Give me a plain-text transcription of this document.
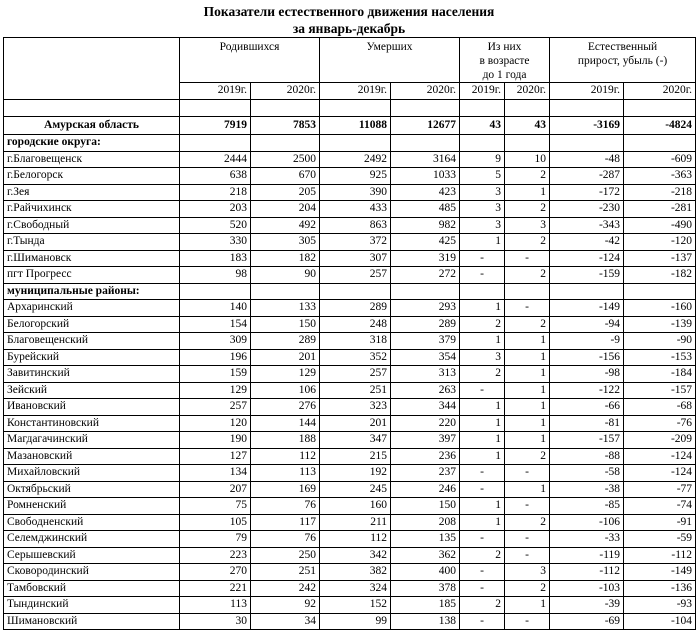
Показатели естественного движения населения
за январь-декабрь
	Родившихся		Умерших		Из них
в возрасте
до 1 года		Естественный
прирост, убыль (-)	

	2019г.	2020г.	2019г.	2020г.	2019г.	2020г.	2019г.	2020г.

Амурская область	7919	7853	11088	12677	43	43	-3169	-4824
городские округа:								
г.Благовещенск	2444	2500	2492	3164	9	10	-48	-609
г.Белогорск	638	670	925	1033	5	2	-287	-363
г.Зея	218	205	390	423	3	1	-172	-218
г.Райчихинск	203	204	433	485	3	2	-230	-281
г.Свободный	520	492	863	982	3	3	-343	-490
г.Тында	330	305	372	425	1	2	-42	-120
г.Шимановск	183	182	307	319	-	-	-124	-137
пгт Прогресс	98	90	257	272	-	2	-159	-182
муниципальные районы:								
Архаринский	140	133	289	293	1	-	-149	-160
Белогорский	154	150	248	289	2	2	-94	-139
Благовещенский	309	289	318	379	1	1	-9	-90
Бурейский	196	201	352	354	3	1	-156	-153
Завитинский	159	129	257	313	2	1	-98	-184
Зейский	129	106	251	263	-	1	-122	-157
Ивановский	257	276	323	344	1	1	-66	-68
Константиновский	120	144	201	220	1	1	-81	-76
Магдагачинский	190	188	347	397	1	1	-157	-209
Мазановский	127	112	215	236	1	2	-88	-124
Михайловский	134	113	192	237	-	-	-58	-124
Октябрьский	207	169	245	246	-	1	-38	-77
Ромненский	75	76	160	150	1	-	-85	-74
Свободненский	105	117	211	208	1	2	-106	-91
Селемджинский	79	76	112	135	-	-	-33	-59
Серышевский	223	250	342	362	2	-	-119	-112
Сковородинский	270	251	382	400	-	3	-112	-149
Тамбовский	221	242	324	378	-	2	-103	-136
Тындинский	113	92	152	185	2	1	-39	-93
Шимановский	30	34	99	138	-	-	-69	-104
